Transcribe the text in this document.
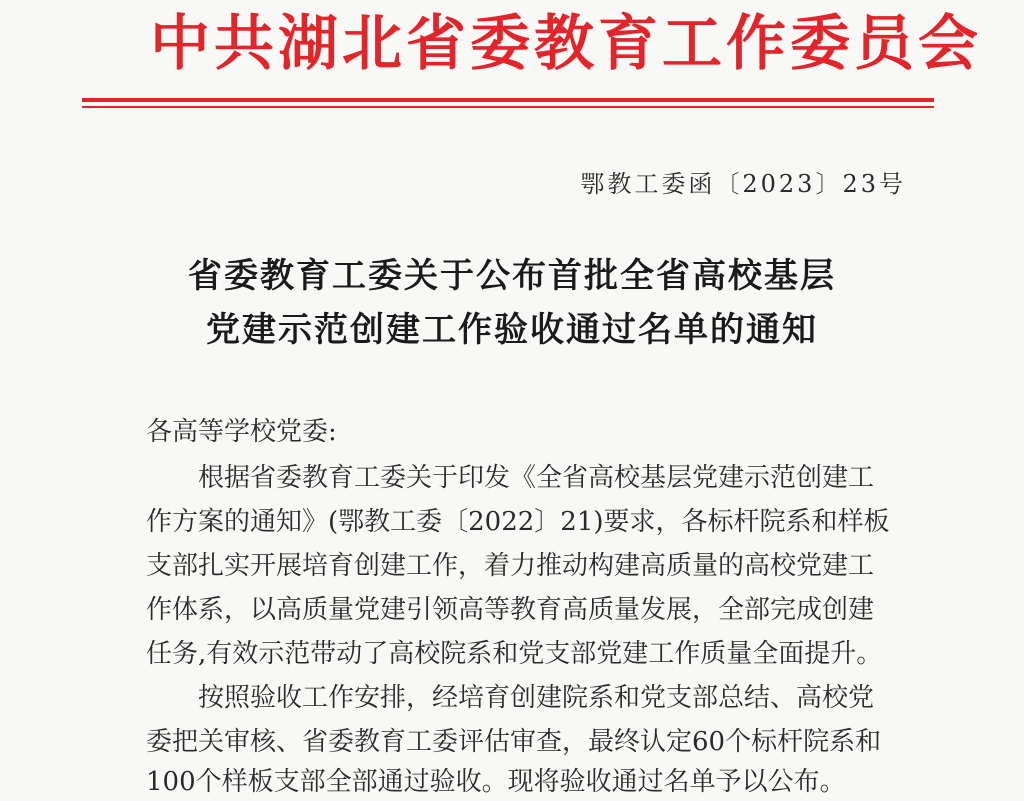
中共湖北省委教育工作委员会
鄂教工委函〔2023〕23号
省委教育工委关于公布首批全省高校基层
党建示范创建工作验收通过名单的通知
各高等学校党委:
根据省委教育工委关于印发《全省高校基层党建示范创建工
作方案的通知》(鄂教工委〔2022〕21)要求，各标杆院系和样板
支部扎实开展培育创建工作，着力推动构建高质量的高校党建工
作体系，以高质量党建引领高等教育高质量发展，全部完成创建
任务,有效示范带动了高校院系和党支部党建工作质量全面提升。
按照验收工作安排，经培育创建院系和党支部总结、高校党
委把关审核、省委教育工委评估审查，最终认定60个标杆院系和
100个样板支部全部通过验收。现将验收通过名单予以公布。
